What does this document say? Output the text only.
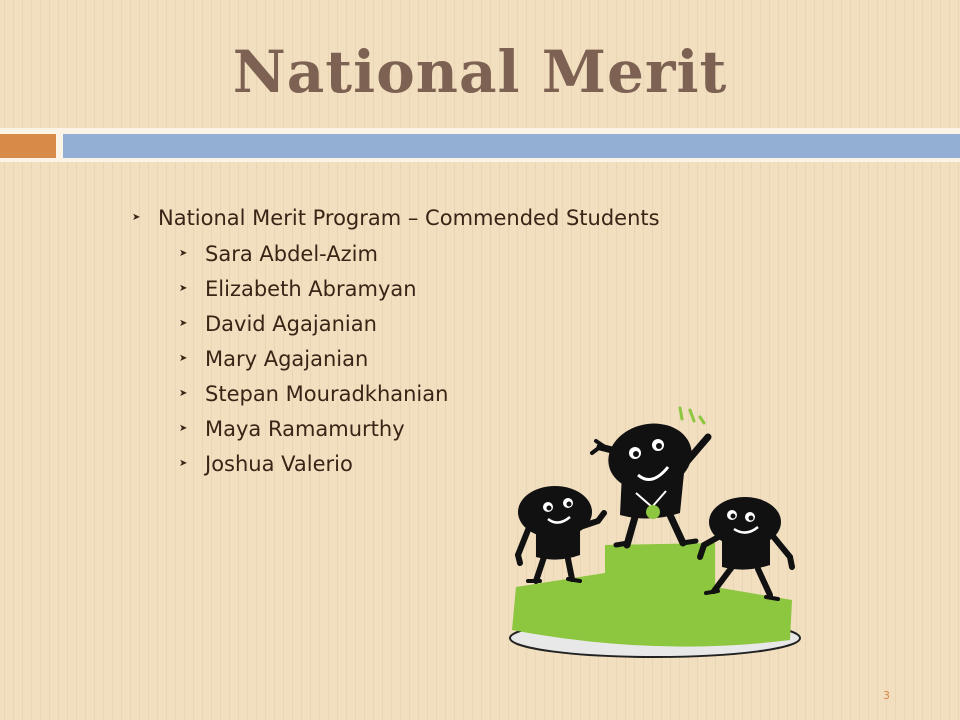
National Merit
➤ National Merit Program – Commended Students
➤ Sara Abdel-Azim
➤ Elizabeth Abramyan
➤ David Agajanian
➤ Mary Agajanian
➤ Stepan Mouradkhanian
➤ Maya Ramamurthy
➤ Joshua Valerio
3
